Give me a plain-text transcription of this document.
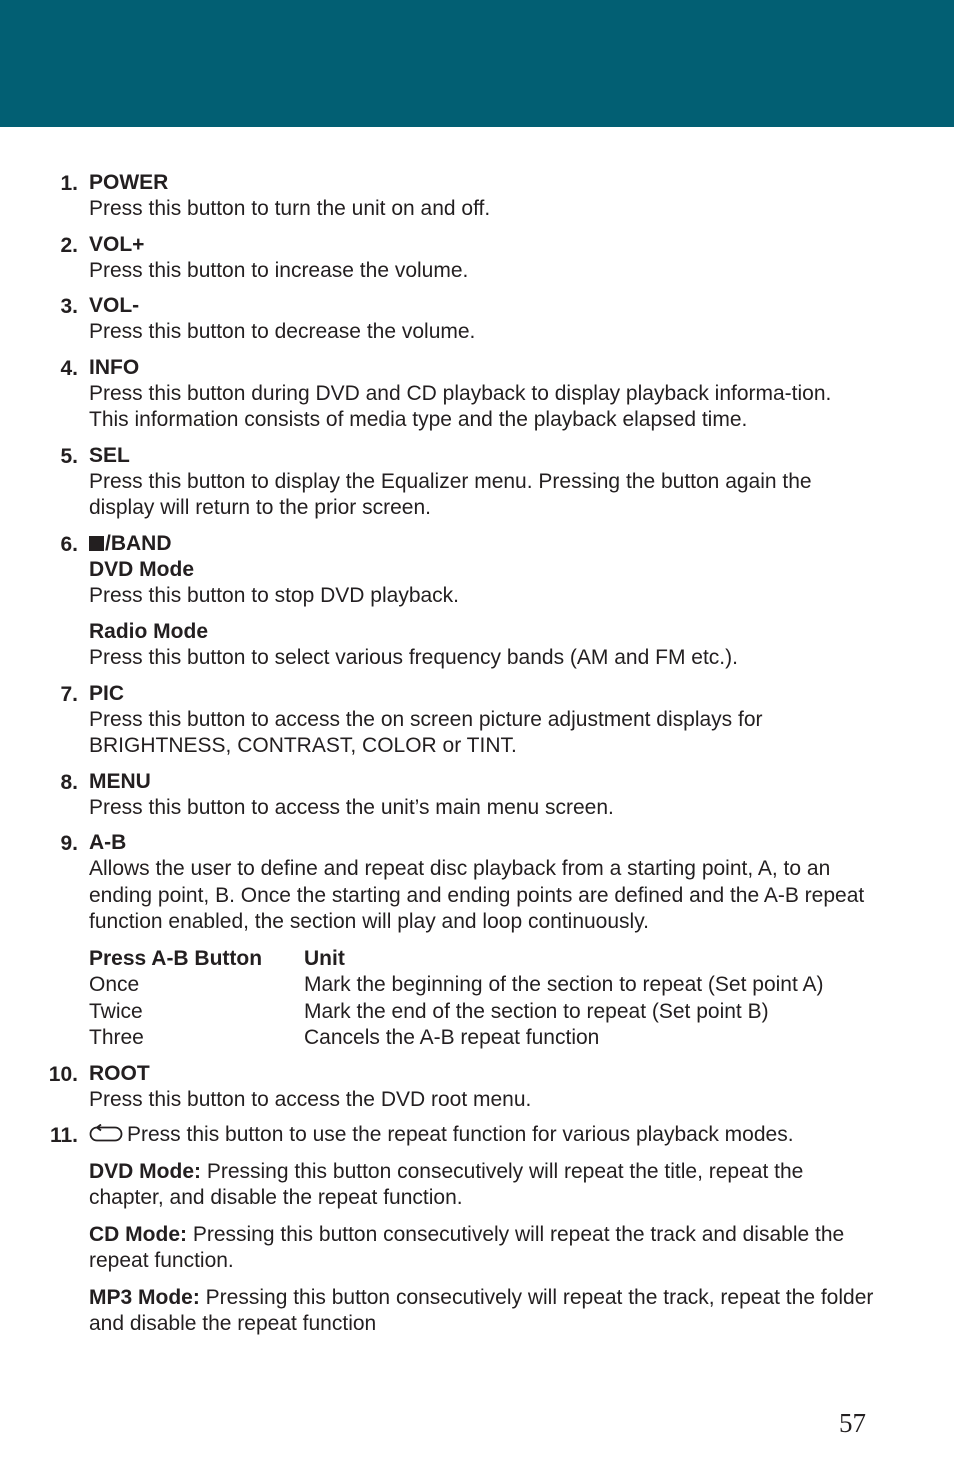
1. POWER
Press this button to turn the unit on and off.
2. VOL+
Press this button to increase the volume.
3. VOL-
Press this button to decrease the volume.
4. INFO
Press this button during DVD and CD playback to display playback informa-tion. This information consists of media type and the playback elapsed time.
5. SEL
Press this button to display the Equalizer menu. Pressing the button again the display will return to the prior screen.
6.	/BAND
DVD Mode
Press this button to stop DVD playback.
Radio Mode
Press this button to select various frequency bands (AM and FM etc.).
7. PIC
Press this button to access the on screen picture adjustment displays for BRIGHTNESS, CONTRAST, COLOR or TINT.
8. MENU
Press this button to access the unit’s main menu screen.
9. A-B
Allows the user to define and repeat disc playback from a starting point, A, to an ending point, B. Once the starting and ending points are defined and the A-B repeat function enabled, the section will play and loop continuously.
Press A-B Button	Unit
Once	Mark the beginning of the section to repeat (Set point A)
Twice	Mark the end of the section to repeat (Set point B)
Three	Cancels the A-B repeat function
10. ROOT
Press this button to access the DVD root menu.
11.	Press this button to use the repeat function for various playback modes.
DVD Mode: Pressing this button consecutively will repeat the title, repeat the chapter, and disable the repeat function.
CD Mode: Pressing this button consecutively will repeat the track and disable the repeat function.
MP3 Mode: Pressing this button consecutively will repeat the track, repeat the folder and disable the repeat function
57
